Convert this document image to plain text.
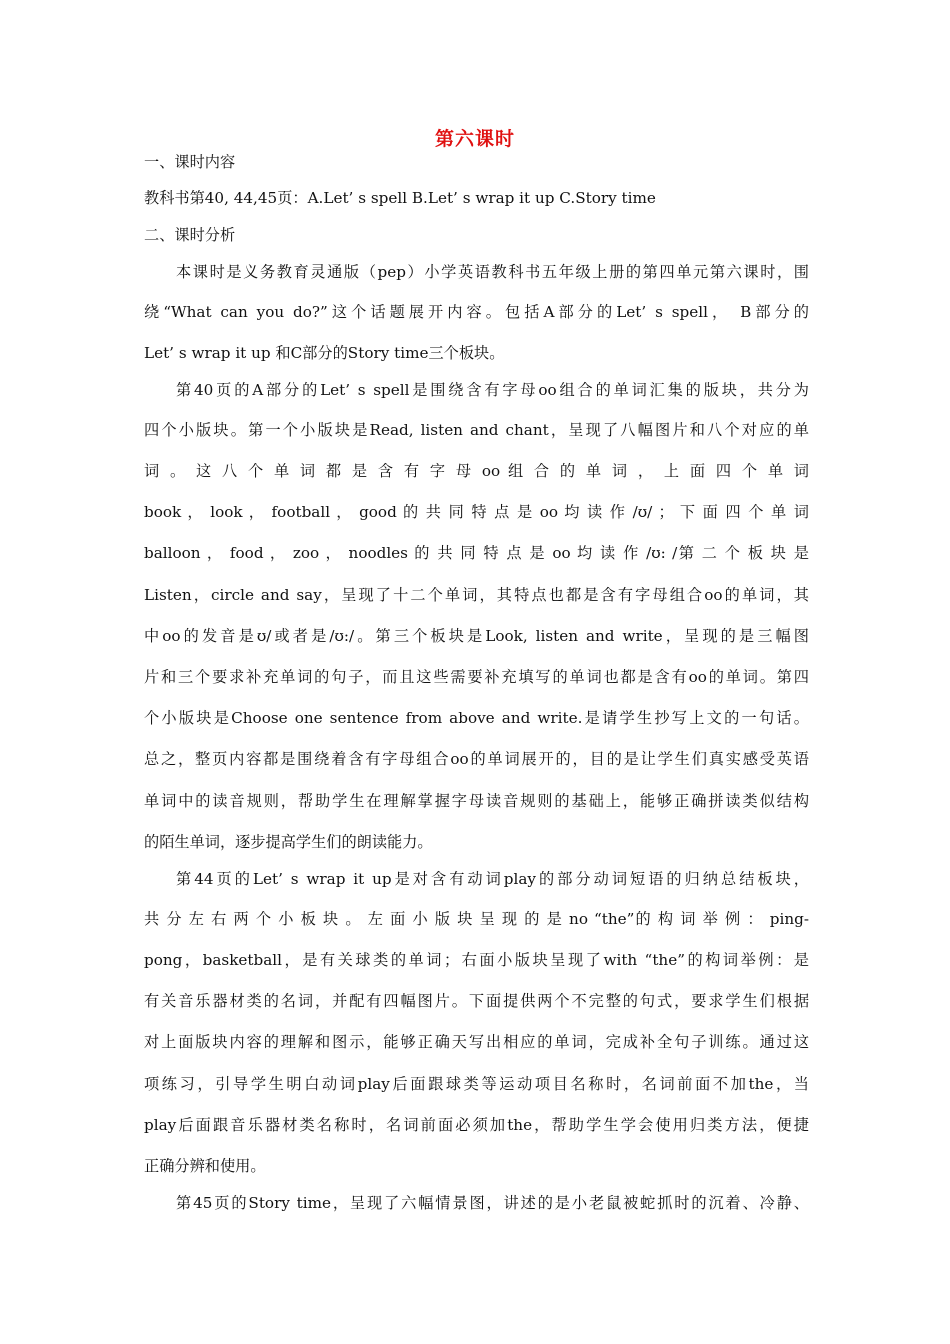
第六课时
一、课时内容
教科书第40, 44,45页：A.Let’ s spell B.Let’ s wrap it up C.Story time
二、课时分析
本课时是义务教育灵通版（pep）小学英语教科书五年级上册的第四单元第六课时，围
绕“What can you do?”这个话题展开内容。包括A部分的Let’ s spell， B部分的
Let’ s wrap it up 和C部分的Story time三个板块。
第40页的A部分的Let’ s spell是围绕含有字母oo组合的单词汇集的版块，共分为
四个小版块。第一个小版块是Read, listen and chant，呈现了八幅图片和八个对应的单
词 。 这 八 个 单 词 都 是 含 有 字 母 oo 组 合 的 单 词 ， 上 面 四 个 单 词
book ， look ， football ， good 的 共 同 特 点 是 oo 均 读 作 /ʊ/ ； 下 面 四 个 单 词
balloon ， food ， zoo ， noodles 的 共 同 特 点 是 oo 均 读 作 /ʊ: /第 二 个 板 块 是
Listen，circle and say，呈现了十二个单词，其特点也都是含有字母组合oo的单词，其
中oo的发音是ʊ/或者是/ʊ:/。第三个板块是Look, listen and write，呈现的是三幅图
片和三个要求补充单词的句子，而且这些需要补充填写的单词也都是含有oo的单词。第四
个小版块是Choose one sentence from above and write.是请学生抄写上文的一句话。
总之，整页内容都是围绕着含有字母组合oo的单词展开的，目的是让学生们真实感受英语
单词中的读音规则，帮助学生在理解掌握字母读音规则的基础上，能够正确拼读类似结构
的陌生单词，逐步提高学生们的朗读能力。
第44页的Let’ s wrap it up是对含有动词play的部分动词短语的归纳总结板块，
共 分 左 右 两 个 小 板 块 。 左 面 小 版 块 呈 现 的 是 no “the”的 构 词 举 例 ： ping-
pong，basketball，是有关球类的单词；右面小版块呈现了with “the”的构词举例：是
有关音乐器材类的名词，并配有四幅图片。下面提供两个不完整的句式，要求学生们根据
对上面版块内容的理解和图示，能够正确天写出相应的单词，完成补全句子训练。通过这
项练习，引导学生明白动词play后面跟球类等运动项目名称时，名词前面不加the，当
play后面跟音乐器材类名称时，名词前面必须加the，帮助学生学会使用归类方法，便捷
正确分辨和使用。
第45页的Story time，呈现了六幅情景图，讲述的是小老鼠被蛇抓时的沉着、冷静、
